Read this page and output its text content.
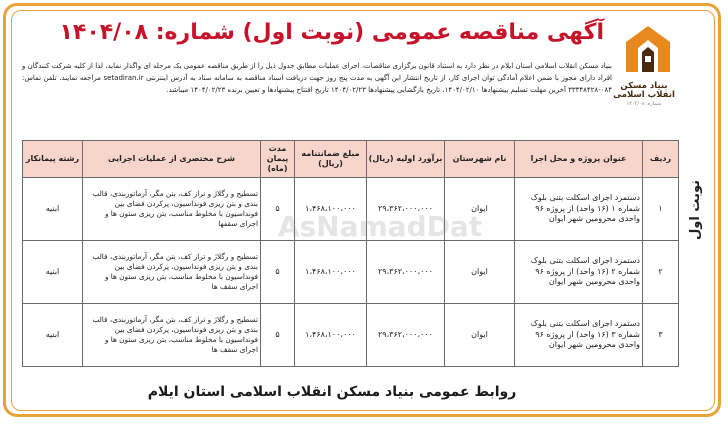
نوبت اول
بنیاد مسکن انقلاب اسلامی
شماره: ۱۴۰۴/۰۸
آگهی مناقصه عمومی (نوبت اول) شماره: ۱۴۰۴/۰۸
بنیاد مسکن انقلاب اسلامی استان ایلام در نظر دارد به استناد قانون برگزاری مناقصات، اجرای عملیات مطابق جدول ذیل را از طریق مناقصه عمومی یک مرحله ای واگذار نماید، لذا از کلیه شرکت کنندگان و افراد دارای مجوز با ضمن اعلام آمادگی توان اجرای کار، از تاریخ انتشار این آگهی به مدت پنج روز جهت دریافت اسناد مناقصه به سامانه ستاد به آدرس اینترنتی setadiran.ir مراجعه نمایند. تلفن تماس: ۰۸۴-۳۳۳۴۸۴۲۸ آخرین مهلت تسلیم پیشنهادها ۱۴۰۴/۰۲/۱۰، تاریخ بازگشایی پیشنهادها ۱۴۰۴/۰۲/۲۳ تاریخ افتتاح پیشنهادها و تعیین برنده ۱۴۰۴/۰۲/۲۳ میباشد.
ردیف	عنوان پروژه و محل اجرا	نام شهرستان	برآورد اولیه (ریال)	مبلغ ضمانتنامه (ریال)	مدت پیمان (ماه)	شرح مختصری از عملیات اجرایی	رشته پیمانکار
۱	دستمزد اجرای اسکلت بتنی بلوک شماره ۱ (۱۶ واحد) از پروژه ۹۶ واحدی محرومین شهر ایوان	ایوان	۲۹،۳۶۲،۰۰۰،۰۰۰	۱،۴۶۸،۱۰۰،۰۰۰	۵	تسطیح و رگلاژ و تراز کف، بتن مگر، آرماتوربندی، قالب بندی و بتن ریزی فونداسیون، پرکردن فضای بین فونداسیون با مخلوط مناسب، بتن ریزی ستون ها و اجرای سقفها	ابنیه
۲	دستمزد اجرای اسکلت بتنی بلوک شماره ۲ (۱۶ واحد) از پروژه ۹۶ واحدی محرومین شهر ایوان	ایوان	۲۹،۳۶۲،۰۰۰،۰۰۰	۱،۴۶۸،۱۰۰،۰۰۰	۵	تسطیح و رگلاژ و تراز کف، بتن مگر، آرماتوربندی، قالب بندی و بتن ریزی فونداسیون، پرکردن فضای بین فونداسیون با مخلوط مناسب، بتن ریزی ستون ها و اجرای سقف ها	ابنیه
۳	دستمزد اجرای اسکلت بتنی بلوک شماره ۳ (۱۶ واحد) از پروژه ۹۶ واحدی محرومین شهر ایوان	ایوان	۲۹،۳۶۲،۰۰۰،۰۰۰	۱،۴۶۸،۱۰۰،۰۰۰	۵	تسطیح و رگلاژ و تراز کف، بتن مگر، آرماتوربندی، قالب بندی و بتن ریزی فونداسیون، پرکردن فضای بین فونداسیون با مخلوط مناسب، بتن ریزی ستون ها و اجرای سقف ها	ابنیه
AsNamadDat
روابط عمومی بنیاد مسکن انقلاب اسلامی استان ایلام
